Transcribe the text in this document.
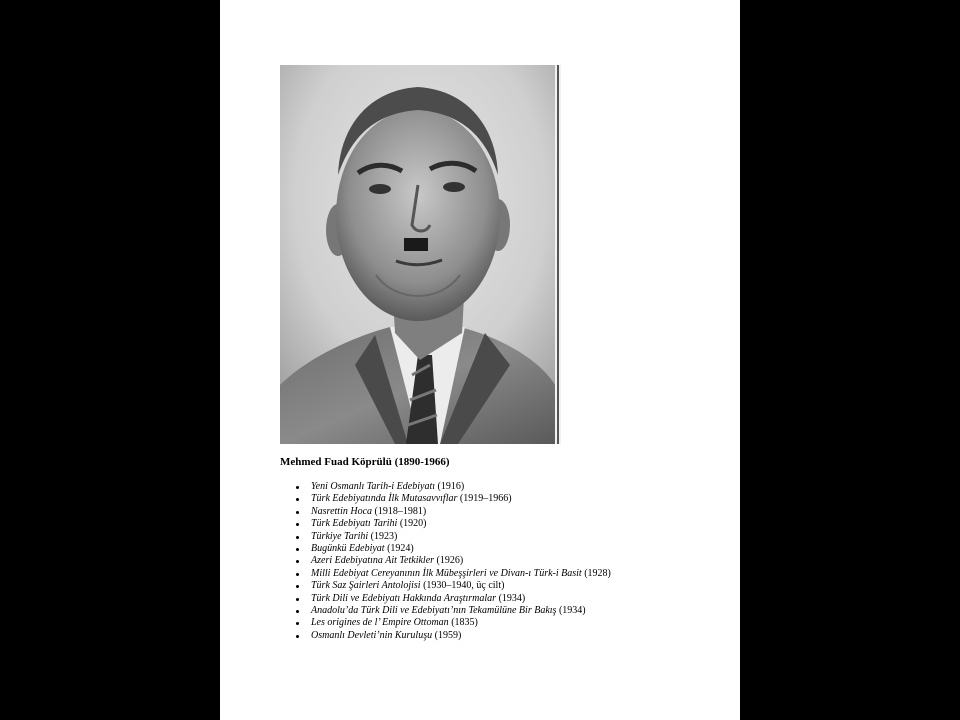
Mehmed Fuad Köprülü (1890-1966)
Yeni Osmanlı Tarih-i Edebiyatı (1916)
Türk Edebiyatında İlk Mutasavvıflar (1919–1966)
Nasrettin Hoca (1918–1981)
Türk Edebiyatı Tarihi (1920)
Türkiye Tarihi (1923)
Bugünkü Edebiyat (1924)
Azeri Edebiyatına Ait Tetkikler (1926)
Milli Edebiyat Cereyanının İlk Mübeşşirleri ve Divan-ı Türk-i Basit (1928)
Türk Saz Şairleri Antolojisi (1930–1940, üç cilt)
Türk Dili ve Edebiyatı Hakkında Araştırmalar (1934)
Anadolu’da Türk Dili ve Edebiyatı’nın Tekamülüne Bir Bakış (1934)
Les origines de l’ Empire Ottoman (1835)
Osmanlı Devleti’nin Kuruluşu (1959)
